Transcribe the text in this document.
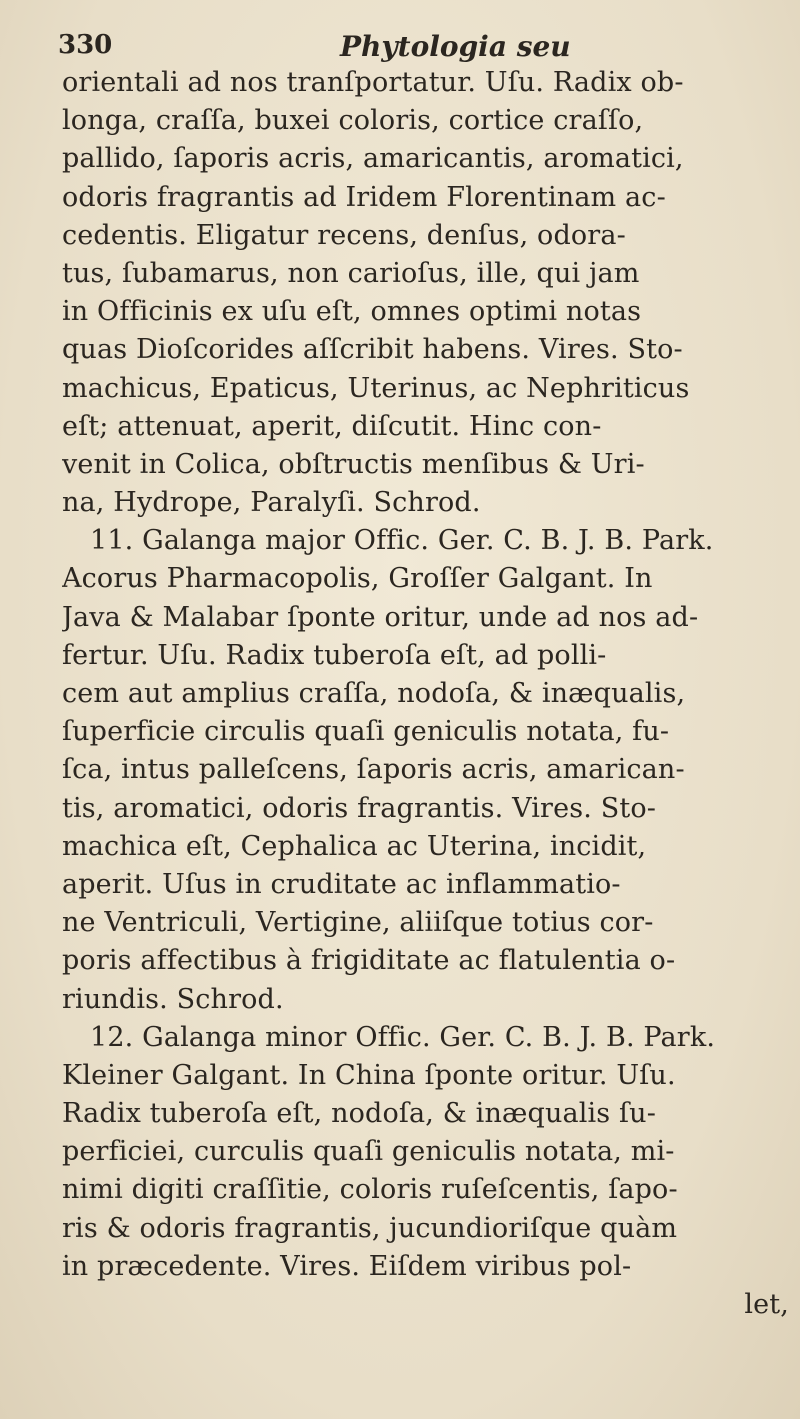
330	Phytologia seu
orientali ad nos tranſportatur. Uſu. Radix ob-
longa, craſſa, buxei coloris, cortice craſſo,
pallido, ſaporis acris, amaricantis, aromatici,
odoris fragrantis ad Iridem Florentinam ac-
cedentis. Eligatur recens, denſus, odora-
tus, ſubamarus, non carioſus, ille, qui jam
in Officinis ex uſu eſt, omnes optimi notas
quas Dioſcorides aſſcribit habens. Vires. Sto-
machicus, Epaticus, Uterinus, ac Nephriticus
eſt; attenuat, aperit, diſcutit. Hinc con-
venit in Colica, obſtructis menſibus & Uri-
na, Hydrope, Paralyſi. Schrod.
11. Galanga major Offic. Ger. C. B. J. B. Park.
Acorus Pharmacopolis, Groſſer Galgant. In
Java & Malabar ſponte oritur, unde ad nos ad-
fertur. Uſu. Radix tuberoſa eſt, ad polli-
cem aut amplius craſſa, nodoſa, & inæqualis,
ſuperficie circulis quaſi geniculis notata, fu-
ſca, intus palleſcens, ſaporis acris, amarican-
tis, aromatici, odoris fragrantis. Vires. Sto-
machica eſt, Cephalica ac Uterina, incidit,
aperit. Uſus in cruditate ac inflammatio-
ne Ventriculi, Vertigine, aliiſque totius cor-
poris affectibus à frigiditate ac flatulentia o-
riundis. Schrod.
12. Galanga minor Offic. Ger. C. B. J. B. Park.
Kleiner Galgant. In China ſponte oritur. Uſu.
Radix tuberoſa eſt, nodoſa, & inæqualis ſu-
perficiei, curculis quaſi geniculis notata, mi-
nimi digiti craſſitie, coloris ruſeſcentis, ſapo-
ris & odoris fragrantis, jucundioriſque quàm
in præcedente. Vires. Eiſdem viribus pol-
let,
